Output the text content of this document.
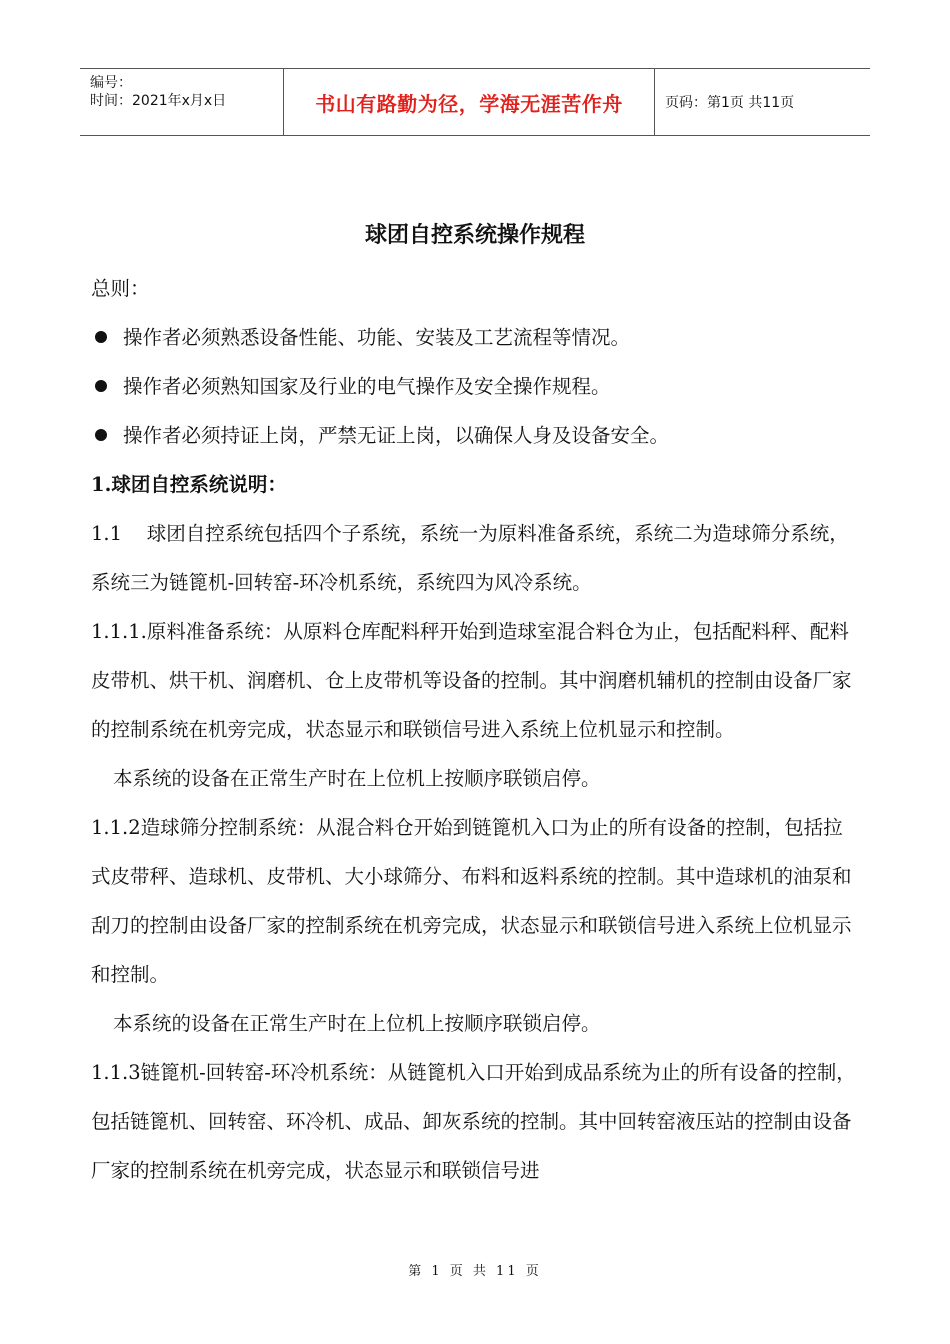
编号：
时间：2021年x月x日	书山有路勤为径，学海无涯苦作舟	页码：第1页 共11页
球团自控系统操作规程

总则：

操作者必须熟悉设备性能、功能、安装及工艺流程等情况。

操作者必须熟知国家及行业的电气操作及安全操作规程。

操作者必须持证上岗，严禁无证上岗，以确保人身及设备安全。

1.球团自控系统说明：

1.1    球团自控系统包括四个子系统，系统一为原料准备系统，系统二为造球筛分系统，系统三为链篦机-回转窑-环冷机系统，系统四为风冷系统。

1.1.1.原料准备系统：从原料仓库配料秤开始到造球室混合料仓为止，包括配料秤、配料皮带机、烘干机、润磨机、仓上皮带机等设备的控制。其中润磨机辅机的控制由设备厂家的控制系统在机旁完成，状态显示和联锁信号进入系统上位机显示和控制。

本系统的设备在正常生产时在上位机上按顺序联锁启停。

1.1.2造球筛分控制系统：从混合料仓开始到链篦机入口为止的所有设备的控制，包括拉式皮带秤、造球机、皮带机、大小球筛分、布料和返料系统的控制。其中造球机的油泵和刮刀的控制由设备厂家的控制系统在机旁完成，状态显示和联锁信号进入系统上位机显示和控制。

本系统的设备在正常生产时在上位机上按顺序联锁启停。

1.1.3链篦机-回转窑-环冷机系统：从链篦机入口开始到成品系统为止的所有设备的控制，包括链篦机、回转窑、环冷机、成品、卸灰系统的控制。其中回转窑液压站的控制由设备厂家的控制系统在机旁完成，状态显示和联锁信号进

第 1 页 共 11 页
